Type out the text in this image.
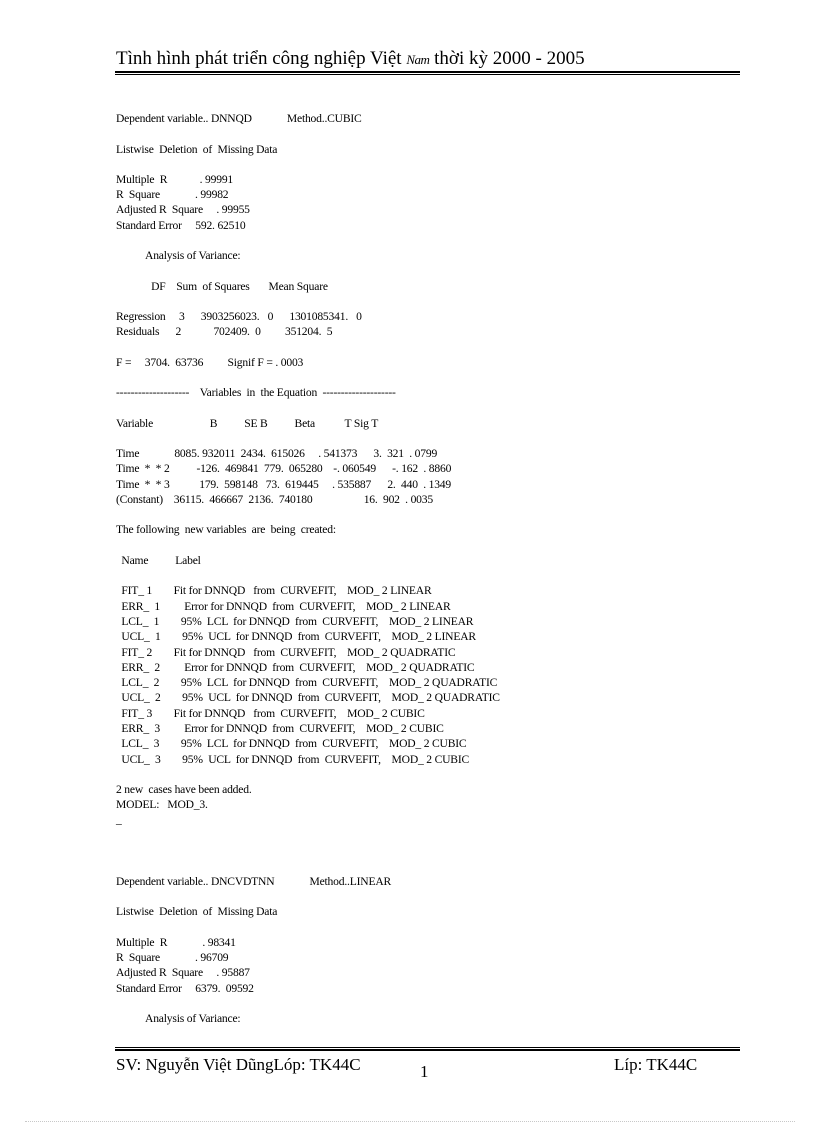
Tình hình phát triển công nghiệp Việt Nam thời kỳ 2000 - 2005
Dependent variable.. DNNQD             Method..CUBIC
Listwise  Deletion  of  Missing Data
Multiple  R            . 99991
R  Square             . 99982
Adjusted R  Square     . 99955
Standard Error     592. 62510
Analysis of Variance:
DF    Sum  of Squares       Mean Square
Regression     3      3903256023.   0      1301085341.   0
Residuals      2            702409.  0         351204.  5
F =     3704.  63736         Signif F = . 0003
--------------------    Variables  in  the Equation  --------------------
Variable                     B          SE B          Beta           T Sig T
Time             8085. 932011  2434.  615026     . 541373      3.  321  . 0799
Time  *  * 2          -126.  469841  779.  065280    -. 060549      -. 162  . 8860
Time  *  * 3           179.  598148   73.  619445     . 535887      2.  440  . 1349
(Constant)    36115.  466667  2136.  740180                   16.  902  . 0035
The following  new variables  are  being  created:
Name          Label
FIT_ 1        Fit for DNNQD   from  CURVEFIT,    MOD_ 2 LINEAR
ERR_  1         Error for DNNQD  from  CURVEFIT,    MOD_ 2 LINEAR
LCL_  1        95%  LCL  for DNNQD  from  CURVEFIT,    MOD_ 2 LINEAR
UCL_  1        95%  UCL  for DNNQD  from  CURVEFIT,    MOD_ 2 LINEAR
FIT_ 2        Fit for DNNQD   from  CURVEFIT,    MOD_ 2 QUADRATIC
ERR_  2         Error for DNNQD  from  CURVEFIT,    MOD_ 2 QUADRATIC
LCL_  2        95%  LCL  for DNNQD  from  CURVEFIT,    MOD_ 2 QUADRATIC
UCL_  2        95%  UCL  for DNNQD  from  CURVEFIT,    MOD_ 2 QUADRATIC
FIT_ 3        Fit for DNNQD   from  CURVEFIT,    MOD_ 2 CUBIC
ERR_  3         Error for DNNQD  from  CURVEFIT,    MOD_ 2 CUBIC
LCL_  3        95%  LCL  for DNNQD  from  CURVEFIT,    MOD_ 2 CUBIC
UCL_  3        95%  UCL  for DNNQD  from  CURVEFIT,    MOD_ 2 CUBIC
2 new  cases have been added.
MODEL:   MOD_3.
_
Dependent variable.. DNCVDTNN             Method..LINEAR
Listwise  Deletion  of  Missing Data
Multiple  R             . 98341
R  Square             . 96709
Adjusted R  Square     . 95887
Standard Error     6379.  09592
Analysis of Variance:
SV: Nguyễn Việt DũngLóp: TK44C	1	Líp: TK44C
